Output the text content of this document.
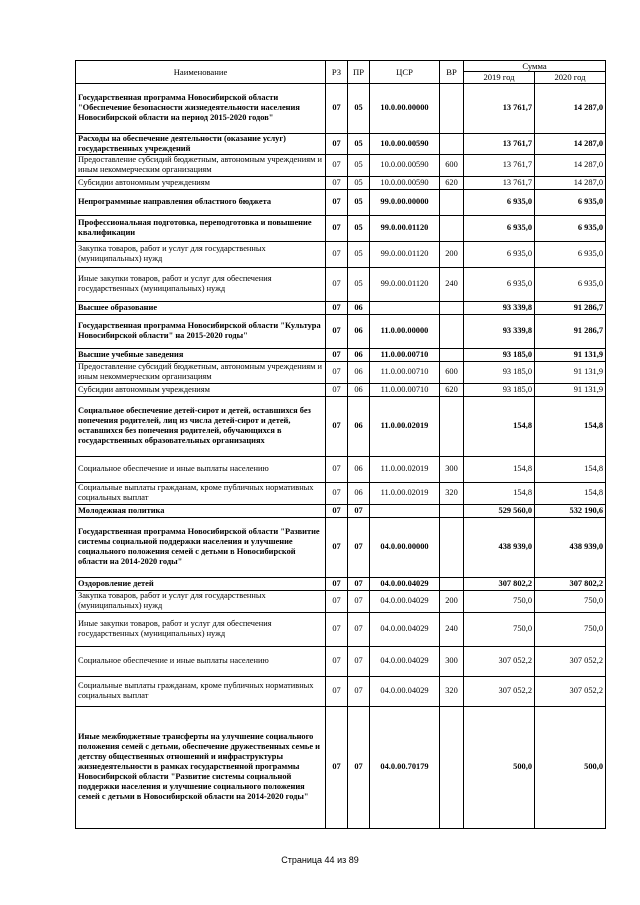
Наименование	РЗ	ПР	ЦСР	ВР	Сумма	
					2019 год	2020 год
Государственная программа Новосибирской области "Обеспечение безопасности жизнедеятельности населения Новосибирской области на период 2015-2020 годов"	07	05	10.0.00.00000		13 761,7	14 287,0
Расходы на обеспечение деятельности (оказание услуг) государственных учреждений	07	05	10.0.00.00590		13 761,7	14 287,0
Предоставление субсидий бюджетным, автономным учреждениям и иным некоммерческим организациям	07	05	10.0.00.00590	600	13 761,7	14 287,0
Субсидии автономным учреждениям	07	05	10.0.00.00590	620	13 761,7	14 287,0
Непрограммные направления областного бюджета	07	05	99.0.00.00000		6 935,0	6 935,0
Профессиональная подготовка, переподготовка и повышение квалификации	07	05	99.0.00.01120		6 935,0	6 935,0
Закупка товаров, работ и услуг для государственных (муниципальных) нужд	07	05	99.0.00.01120	200	6 935,0	6 935,0
Иные закупки товаров, работ и услуг для обеспечения государственных (муниципальных) нужд	07	05	99.0.00.01120	240	6 935,0	6 935,0
Высшее образование	07	06			93 339,8	91 286,7
Государственная программа Новосибирской области "Культура Новосибирской области" на 2015-2020 годы"	07	06	11.0.00.00000		93 339,8	91 286,7
Высшие учебные заведения	07	06	11.0.00.00710		93 185,0	91 131,9
Предоставление субсидий бюджетным, автономным учреждениям и иным некоммерческим организациям	07	06	11.0.00.00710	600	93 185,0	91 131,9
Субсидии автономным учреждениям	07	06	11.0.00.00710	620	93 185,0	91 131,9
Социальное обеспечение детей-сирот и детей, оставшихся без попечения родителей, лиц из числа детей-сирот и детей, оставшихся без попечения родителей, обучающихся в государственных образовательных организациях	07	06	11.0.00.02019		154,8	154,8
Социальное обеспечение и иные выплаты населению	07	06	11.0.00.02019	300	154,8	154,8
Социальные выплаты гражданам, кроме публичных нормативных социальных выплат	07	06	11.0.00.02019	320	154,8	154,8
Молодежная политика	07	07			529 560,0	532 190,6
Государственная программа Новосибирской области "Развитие системы социальной поддержки населения и улучшение социального положения семей с детьми в Новосибирской области на 2014-2020 годы"	07	07	04.0.00.00000		438 939,0	438 939,0
Оздоровление детей	07	07	04.0.00.04029		307 802,2	307 802,2
Закупка товаров, работ и услуг для государственных (муниципальных) нужд	07	07	04.0.00.04029	200	750,0	750,0
Иные закупки товаров, работ и услуг для обеспечения государственных (муниципальных) нужд	07	07	04.0.00.04029	240	750,0	750,0
Социальное обеспечение и иные выплаты населению	07	07	04.0.00.04029	300	307 052,2	307 052,2
Социальные выплаты гражданам, кроме публичных нормативных социальных выплат	07	07	04.0.00.04029	320	307 052,2	307 052,2
Иные межбюджетные трансферты на улучшение социального положения семей с детьми, обеспечение дружественных семье и детству общественных отношений и инфраструктуры жизнедеятельности в рамках государственной программы Новосибирской области "Развитие системы социальной поддержки населения и улучшение социального положения семей с детьми в Новосибирской области на 2014-2020 годы"	07	07	04.0.00.70179		500,0	500,0
Страница 44 из 89
